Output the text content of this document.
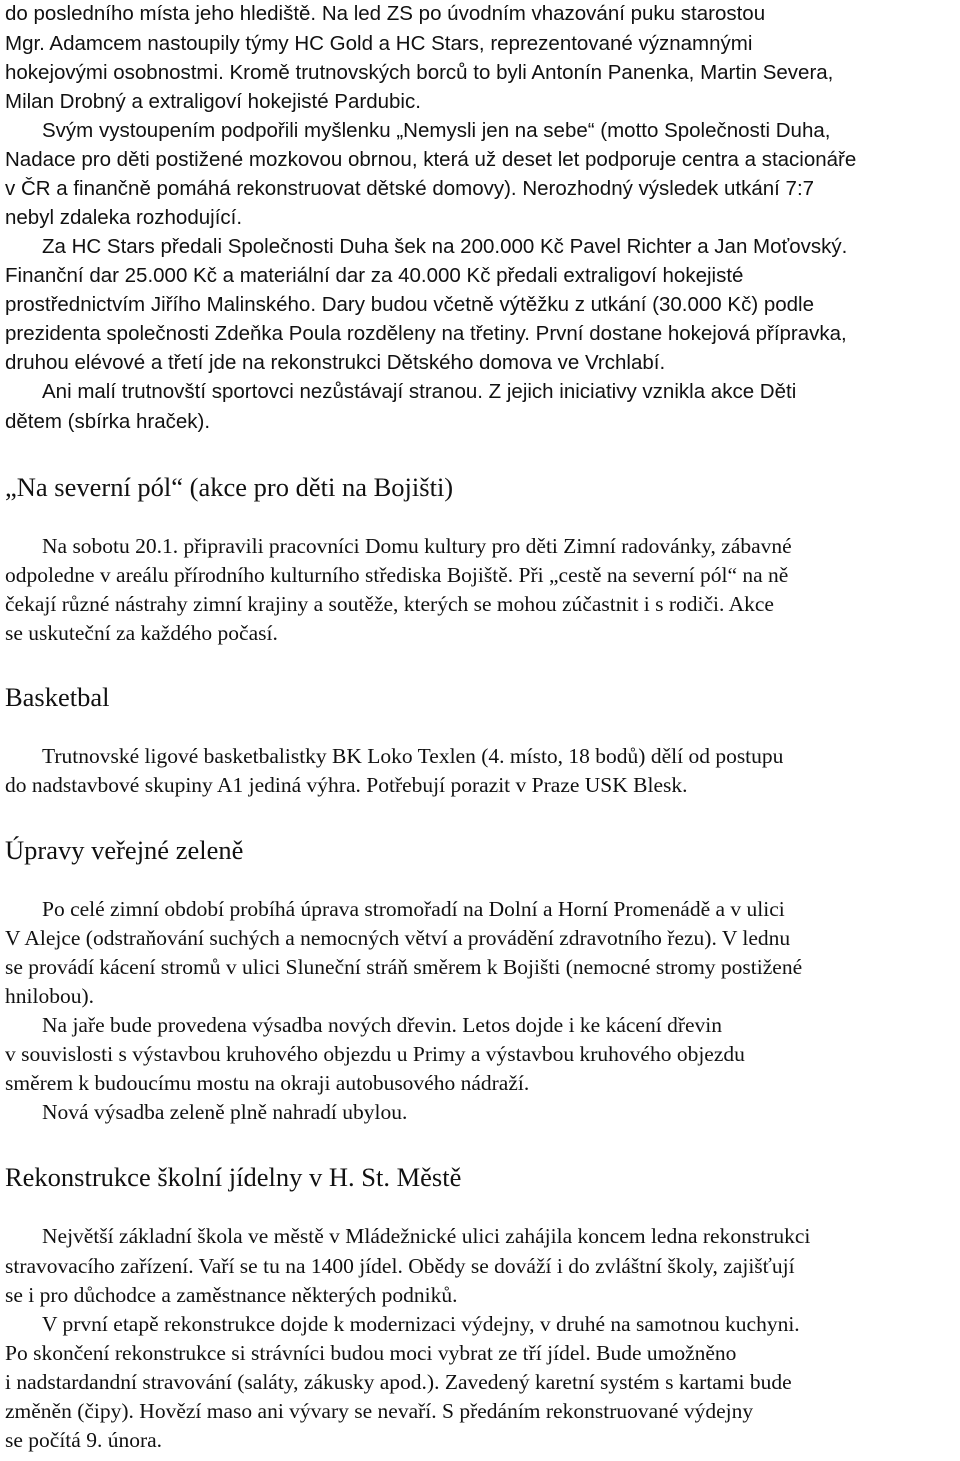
do posledního místa jeho hlediště. Na led ZS po úvodním vhazování puku starostou
Mgr. Adamcem nastoupily týmy HC Gold a HC Stars, reprezentované významnými
hokejovými osobnostmi. Kromě trutnovských borců to byli Antonín Panenka, Martin Severa,
Milan Drobný a extraligoví hokejisté Pardubic.
Svým vystoupením podpořili myšlenku „Nemysli jen na sebe“ (motto Společnosti Duha,
Nadace pro děti postižené mozkovou obrnou, která už deset let podporuje centra a stacionáře
v ČR a finančně pomáhá rekonstruovat dětské domovy). Nerozhodný výsledek utkání 7:7
nebyl zdaleka rozhodující.
Za HC Stars předali Společnosti Duha šek na 200.000 Kč Pavel Richter a Jan Moťovský.
Finanční dar 25.000 Kč a materiální dar za 40.000 Kč předali extraligoví hokejisté
prostřednictvím Jiřího Malinského. Dary budou včetně výtěžku z utkání (30.000 Kč) podle
prezidenta společnosti Zdeňka Poula rozděleny na třetiny. První dostane hokejová přípravka,
druhou elévové a třetí jde na rekonstrukci Dětského domova ve Vrchlabí.
Ani malí trutnovští sportovci nezůstávají stranou. Z jejich iniciativy vznikla akce Děti
dětem (sbírka hraček).
„Na severní pól“ (akce pro děti na Bojišti)
Na sobotu 20.1. připravili pracovníci Domu kultury pro děti Zimní radovánky, zábavné
odpoledne v areálu přírodního kulturního střediska Bojiště. Při „cestě na severní pól“ na ně
čekají různé nástrahy zimní krajiny a soutěže, kterých se mohou zúčastnit i s rodiči. Akce
se uskuteční za každého počasí.
Basketbal
Trutnovské ligové basketbalistky BK Loko Texlen (4. místo, 18 bodů) dělí od postupu
do nadstavbové skupiny A1 jediná výhra. Potřebují porazit v Praze USK Blesk.
Úpravy veřejné zeleně
Po celé zimní období probíhá úprava stromořadí na Dolní a Horní Promenádě a v ulici
V Alejce (odstraňování suchých a nemocných větví a provádění zdravotního řezu). V lednu
se provádí kácení stromů v ulici Sluneční stráň směrem k Bojišti (nemocné stromy postižené
hnilobou).
Na jaře bude provedena výsadba nových dřevin. Letos dojde i ke kácení dřevin
v souvislosti s výstavbou kruhového objezdu u Primy a výstavbou kruhového objezdu
směrem k budoucímu mostu na okraji autobusového nádraží.
Nová výsadba zeleně plně nahradí ubylou.
Rekonstrukce školní jídelny v H. St. Městě
Největší základní škola ve městě v Mládežnické ulici zahájila koncem ledna rekonstrukci
stravovacího zařízení. Vaří se tu na 1400 jídel. Obědy se dováží i do zvláštní školy, zajišťují
se i pro důchodce a zaměstnance některých podniků.
V první etapě rekonstrukce dojde k modernizaci výdejny, v druhé na samotnou kuchyni.
Po skončení rekonstrukce si strávníci budou moci vybrat ze tří jídel. Bude umožněno
i nadstardandní stravování (saláty, zákusky apod.). Zavedený karetní systém s kartami bude
změněn (čipy). Hovězí maso ani vývary se nevaří. S předáním rekonstruované výdejny
se počítá 9. února.
